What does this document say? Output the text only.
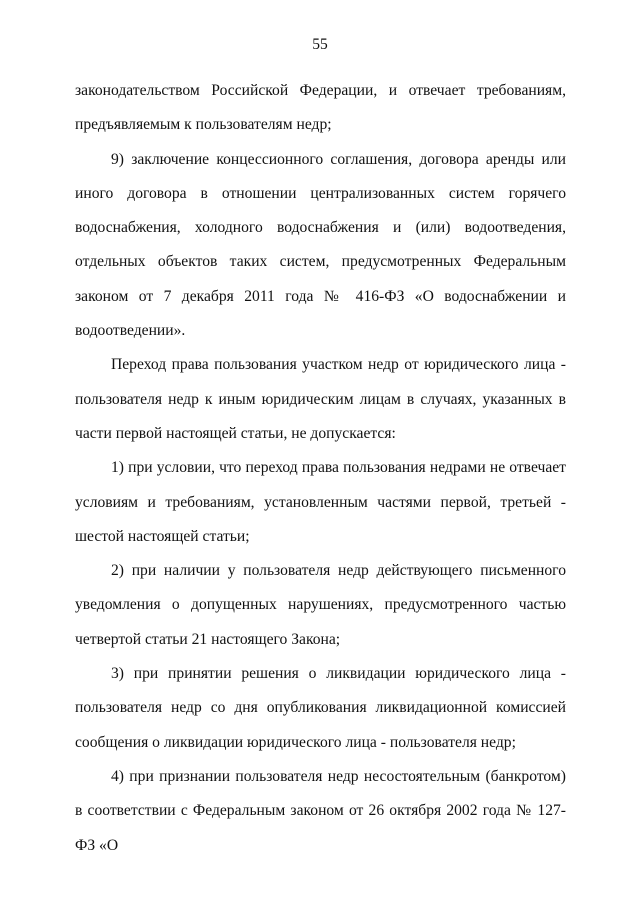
55

законодательством Российской Федерации, и отвечает требованиям, предъявляемым к пользователям недр;

9) заключение концессионного соглашения, договора аренды или иного договора в отношении централизованных систем горячего водоснабжения, холодного водоснабжения и (или) водоотведения, отдельных объектов таких систем, предусмотренных Федеральным законом от 7 декабря 2011 года № 416-ФЗ «О водоснабжении и водоотведении».

Переход права пользования участком недр от юридического лица - пользователя недр к иным юридическим лицам в случаях, указанных в части первой настоящей статьи, не допускается:

1) при условии, что переход права пользования недрами не отвечает условиям и требованиям, установленным частями первой, третьей - шестой настоящей статьи;

2) при наличии у пользователя недр действующего письменного уведомления о допущенных нарушениях, предусмотренного частью четвертой статьи 21 настоящего Закона;

3) при принятии решения о ликвидации юридического лица - пользователя недр со дня опубликования ликвидационной комиссией сообщения о ликвидации юридического лица - пользователя недр;

4) при признании пользователя недр несостоятельным (банкротом) в соответствии с Федеральным законом от 26 октября 2002 года № 127-ФЗ «О
